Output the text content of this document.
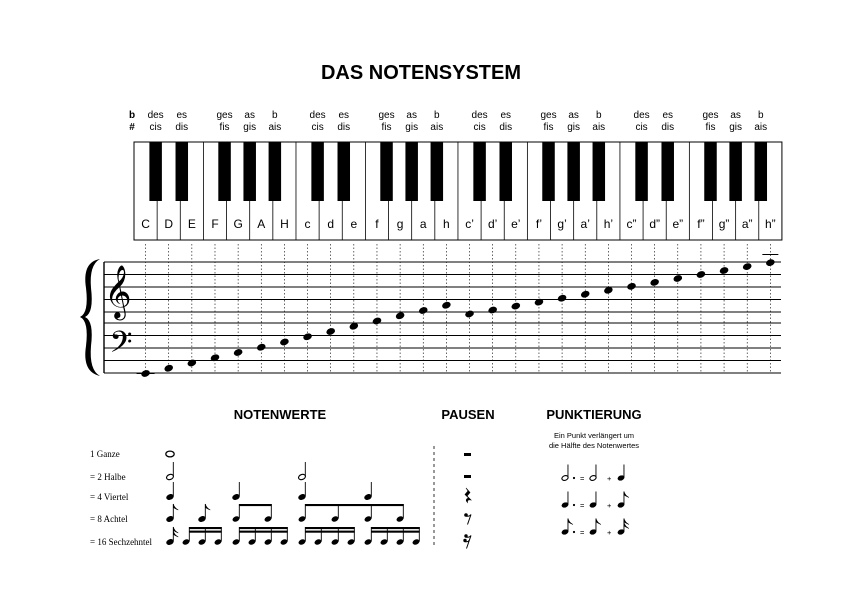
DAS NOTENSYSTEM
b
#
des
cis
es
dis
ges
fis
as
gis
b
ais
des
cis
es
dis
ges
fis
as
gis
b
ais
des
cis
es
dis
ges
fis
as
gis
b
ais
des
cis
es
dis
ges
fis
as
gis
b
ais
C D E F G A H c d e f g a h c’ d’ e’ f’ g’ a’ h’ c” d” e” f” g” a” h”
𝄞
𝄢
NOTENWERTE	PAUSEN	PUNKTIERUNG
Ein Punkt verlängert um
die Hälfte des Notenwertes
1 Ganze
= 2 Halbe
= 4 Viertel
= 8 Achtel
= 16 Sechzehntel
=	+
=	+
=	+
